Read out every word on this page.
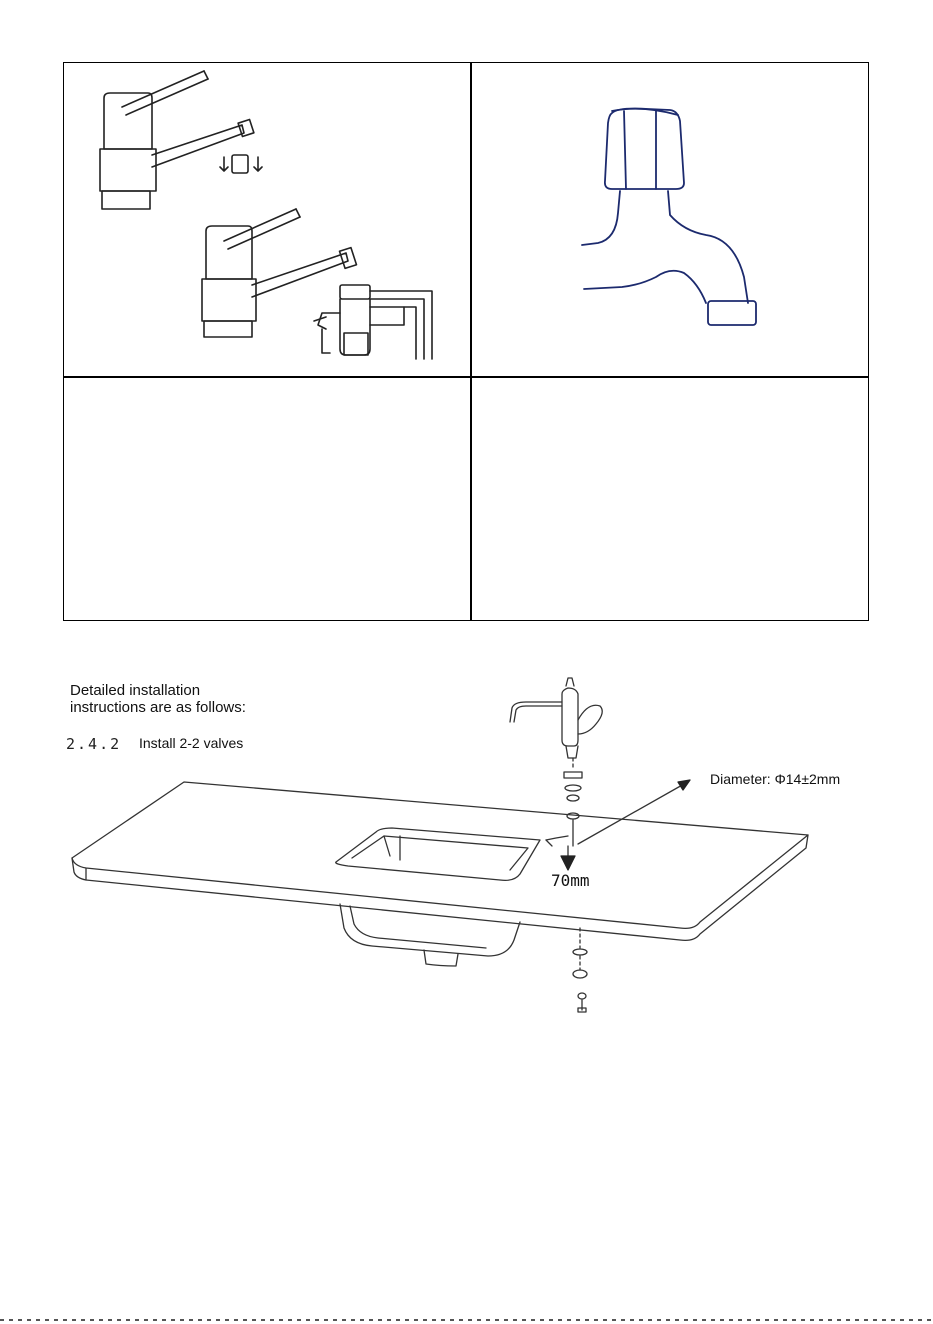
Detailed installation
instructions are as follows:
2.4.2 Install 2-2 valves
Diameter: Φ14±2mm
70mm
